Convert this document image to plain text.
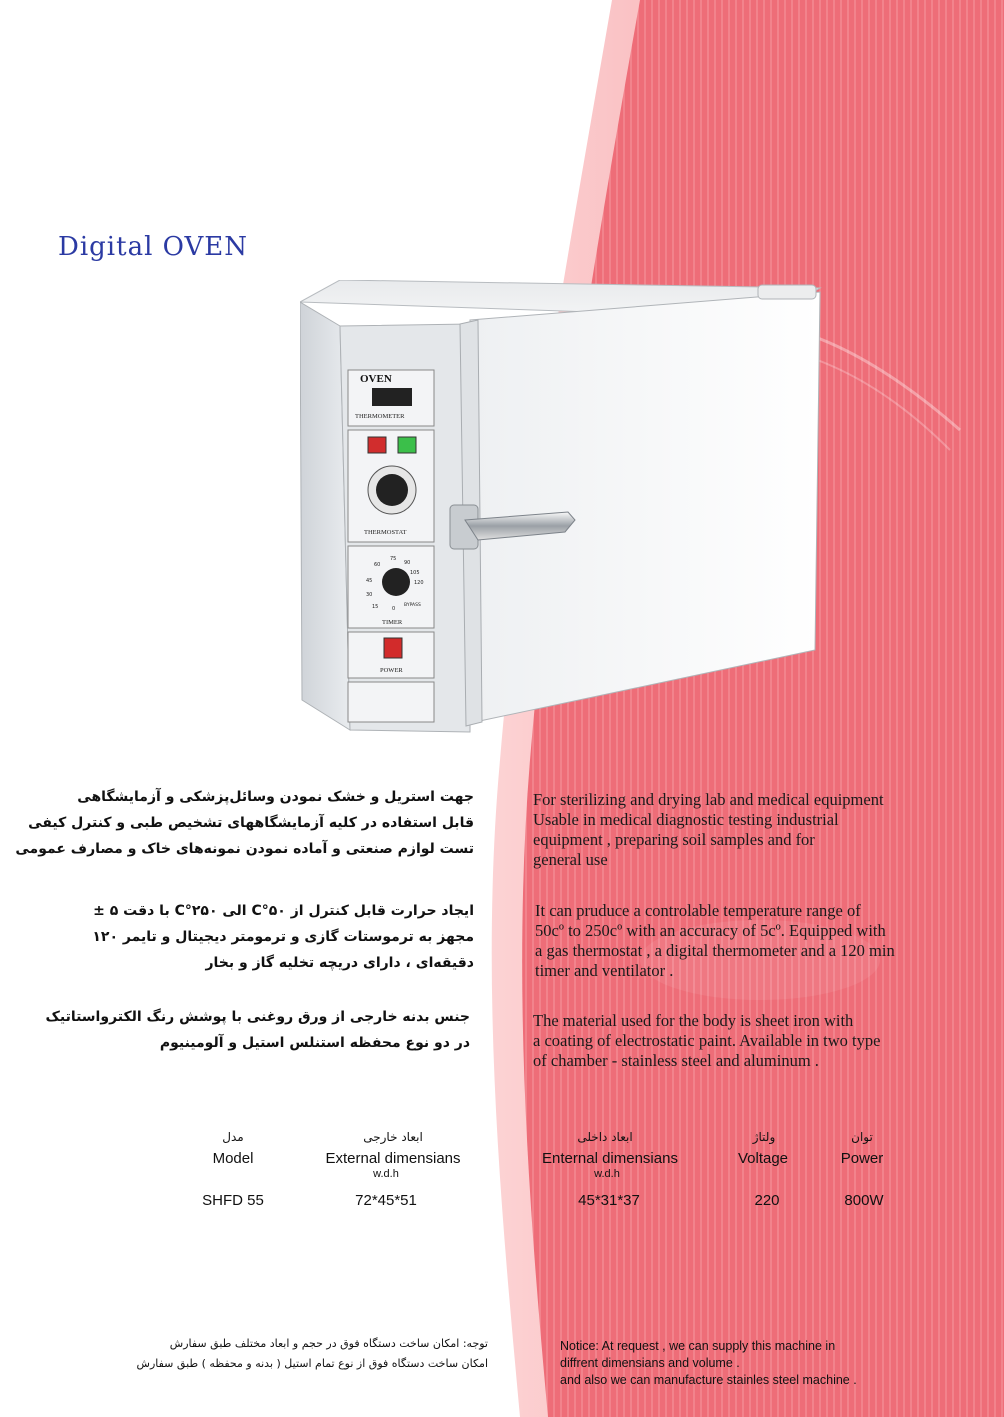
Digital OVEN
OVEN
THERMOMETER
THERMOSTAT
75
90
60
105
45	120
30
15	0
BYPASS
TIMER
POWER
جهت استریل و خشک نمودن وسائل‌پزشکی و آزمایشگاهی
قابل استفاده در کلیه آزمایشگاههای تشخیص طبی و کنترل کیفی
تست لوازم صنعتی و آماده نمودن نمونه‌های خاک و مصارف عمومی
ایجاد حرارت قابل کنترل از ۵۰°C الی ۲۵۰°C با دقت ۵ ±
مجهز به ترموستات گازی و ترمومتر دیجیتال و تایمر ۱۲۰
دقیقه‌ای ، دارای دریچه تخلیه گاز و بخار
جنس بدنه خارجی از ورق روغنی با پوشش رنگ الکترواستاتیک
در دو نوع محفظه استنلس استیل و آلومینیوم
For sterilizing and drying lab and medical equipment
Usable in medical diagnostic testing industrial
equipment , preparing soil samples and for
general use
It can pruduce a controlable temperature range of
50cº to 250cº with an accuracy of 5cº. Equipped with
a gas thermostat , a digital thermometer and a 120 min
timer and ventilator .
The material used for the body is sheet iron with
a coating of electrostatic paint. Available in two type
of chamber - stainless steel and aluminum .
مدل
Model
SHFD 55
ابعاد خارجی
External dimensians
w.d.h
72*45*51
ابعاد داخلی
Enternal dimensians
w.d.h
45*31*37
ولتاژ
Voltage
220
توان
Power
800W
توجه: امکان ساخت دستگاه فوق در حجم و ابعاد مختلف طبق سفارش
امکان ساخت دستگاه فوق از نوع تمام استیل ( بدنه و محفظه ) طبق سفارش
Notice: At request , we can supply this machine in
diffrent dimensians and volume .
and also we can manufacture stainles steel machine .
